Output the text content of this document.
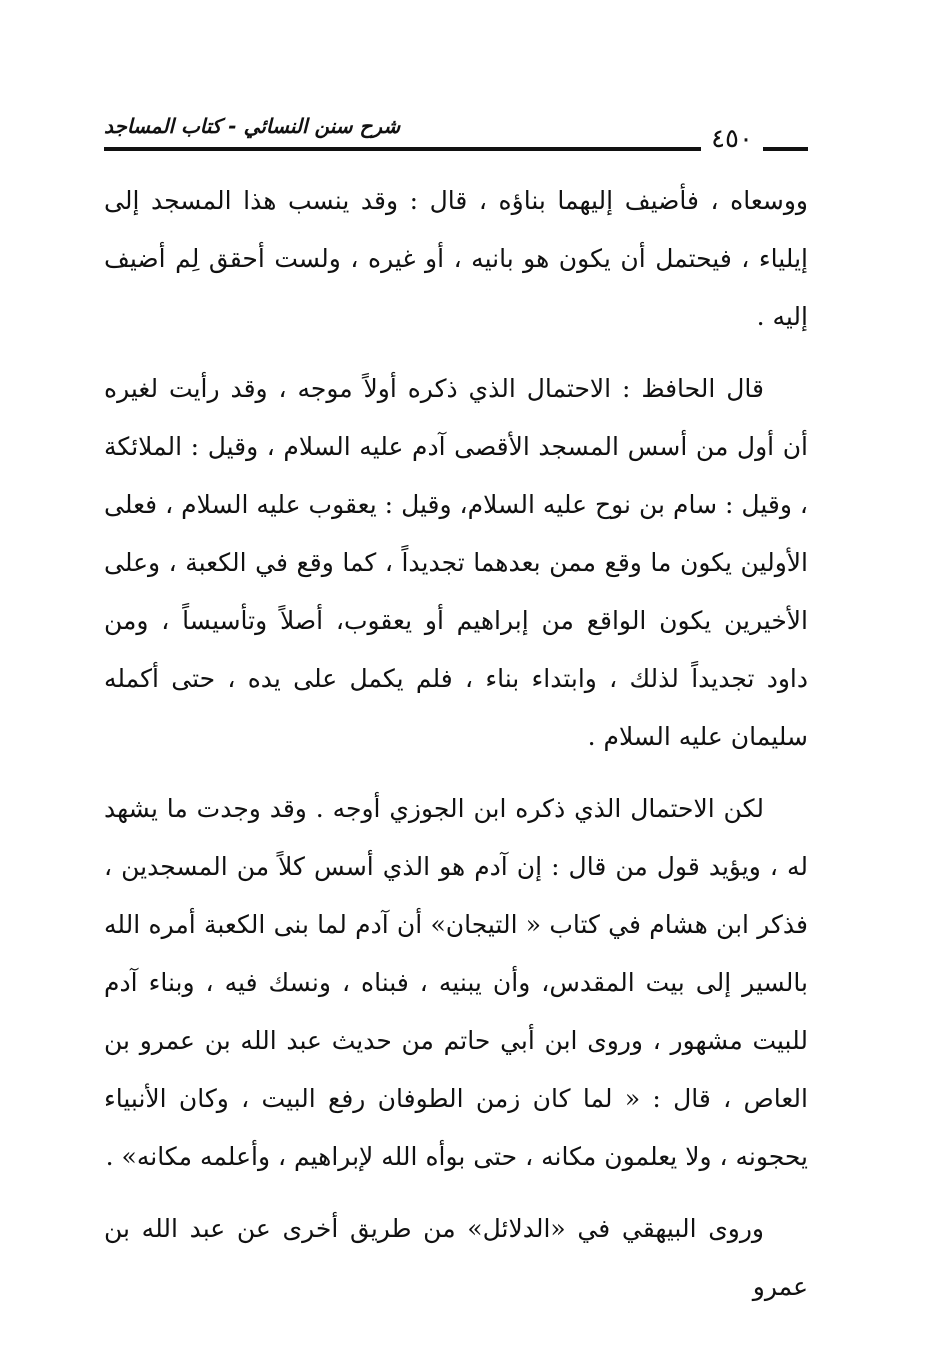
شرح سنن النسائي - كتاب المساجد	٤٥٠

ووسعاه ، فأضيف إليهما بناؤه ، قال : وقد ينسب هذا المسجد إلى إيلياء ، فيحتمل أن يكون هو بانيه ، أو غيره ، ولست أحقق لِم أضيف إليه .

قال الحافظ : الاحتمال الذي ذكره أولاً موجه ، وقد رأيت لغيره أن أول من أسس المسجد الأقصى آدم عليه السلام ، وقيل : الملائكة ، وقيل : سام بن نوح عليه السلام، وقيل : يعقوب عليه السلام ، فعلى الأولين يكون ما وقع ممن بعدهما تجديداً ، كما وقع في الكعبة ، وعلى الأخيرين يكون الواقع من إبراهيم أو يعقوب، أصلاً وتأسيساً ، ومن داود تجديداً لذلك ، وابتداء بناء ، فلم يكمل على يده ، حتى أكمله سليمان عليه السلام .

لكن الاحتمال الذي ذكره ابن الجوزي أوجه . وقد وجدت ما يشهد له ، ويؤيد قول من قال : إن آدم هو الذي أسس كلاً من المسجدين ، فذكر ابن هشام في كتاب « التيجان» أن آدم لما بنى الكعبة أمره الله بالسير إلى بيت المقدس، وأن يبنيه ، فبناه ، ونسك فيه ، وبناء آدم للبيت مشهور ، وروى ابن أبي حاتم من حديث عبد الله بن عمرو بن العاص ، قال : « لما كان زمن الطوفان رفع البيت ، وكان الأنبياء يحجونه ، ولا يعلمون مكانه ، حتى بوأه الله لإبراهيم ، وأعلمه مكانه» .

وروى البيهقي في «الدلائل» من طريق أخرى عن عبد الله بن عمرو
